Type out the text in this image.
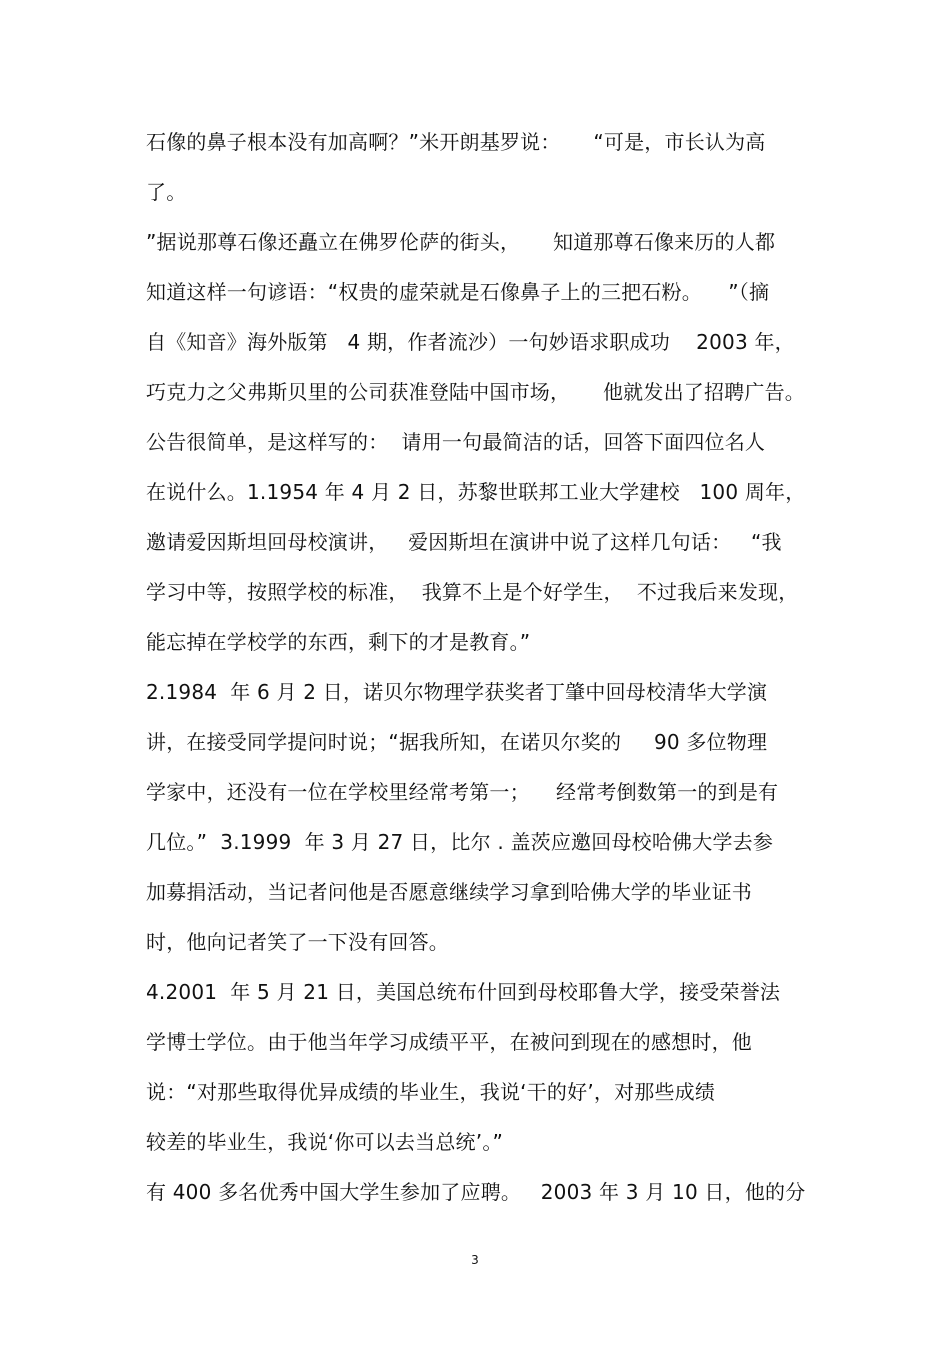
石像的鼻子根本没有加高啊？”米开朗基罗说：     “可是，市长认为高
了。
”据说那尊石像还矗立在佛罗伦萨的街头，     知道那尊石像来历的人都
知道这样一句谚语：“权贵的虚荣就是石像鼻子上的三把石粉。    ”（摘
自《知音》海外版第   4 期，作者流沙）一句妙语求职成功    2003 年，
巧克力之父弗斯贝里的公司获准登陆中国市场，     他就发出了招聘广告。
公告很简单，是这样写的：  请用一句最简洁的话，回答下面四位名人
在说什么。1.1954 年 4 月 2 日，苏黎世联邦工业大学建校   100 周年，
邀请爱因斯坦回母校演讲，   爱因斯坦在演讲中说了这样几句话：   “我
学习中等，按照学校的标准，  我算不上是个好学生，  不过我后来发现，
能忘掉在学校学的东西，剩下的才是教育。”
2.1984  年 6 月 2 日，诺贝尔物理学获奖者丁肇中回母校清华大学演
讲，在接受同学提问时说；“据我所知，在诺贝尔奖的     90 多位物理
学家中，还没有一位在学校里经常考第一；    经常考倒数第一的到是有
几位。”  3.1999  年 3 月 27 日，比尔 . 盖茨应邀回母校哈佛大学去参
加募捐活动，当记者问他是否愿意继续学习拿到哈佛大学的毕业证书
时，他向记者笑了一下没有回答。
4.2001  年 5 月 21 日，美国总统布什回到母校耶鲁大学，接受荣誉法
学博士学位。由于他当年学习成绩平平，在被问到现在的感想时，他
说：“对那些取得优异成绩的毕业生，我说‘干的好’，对那些成绩
较差的毕业生，我说‘你可以去当总统’。”
有 400 多名优秀中国大学生参加了应聘。   2003 年 3 月 10 日，他的分
3
